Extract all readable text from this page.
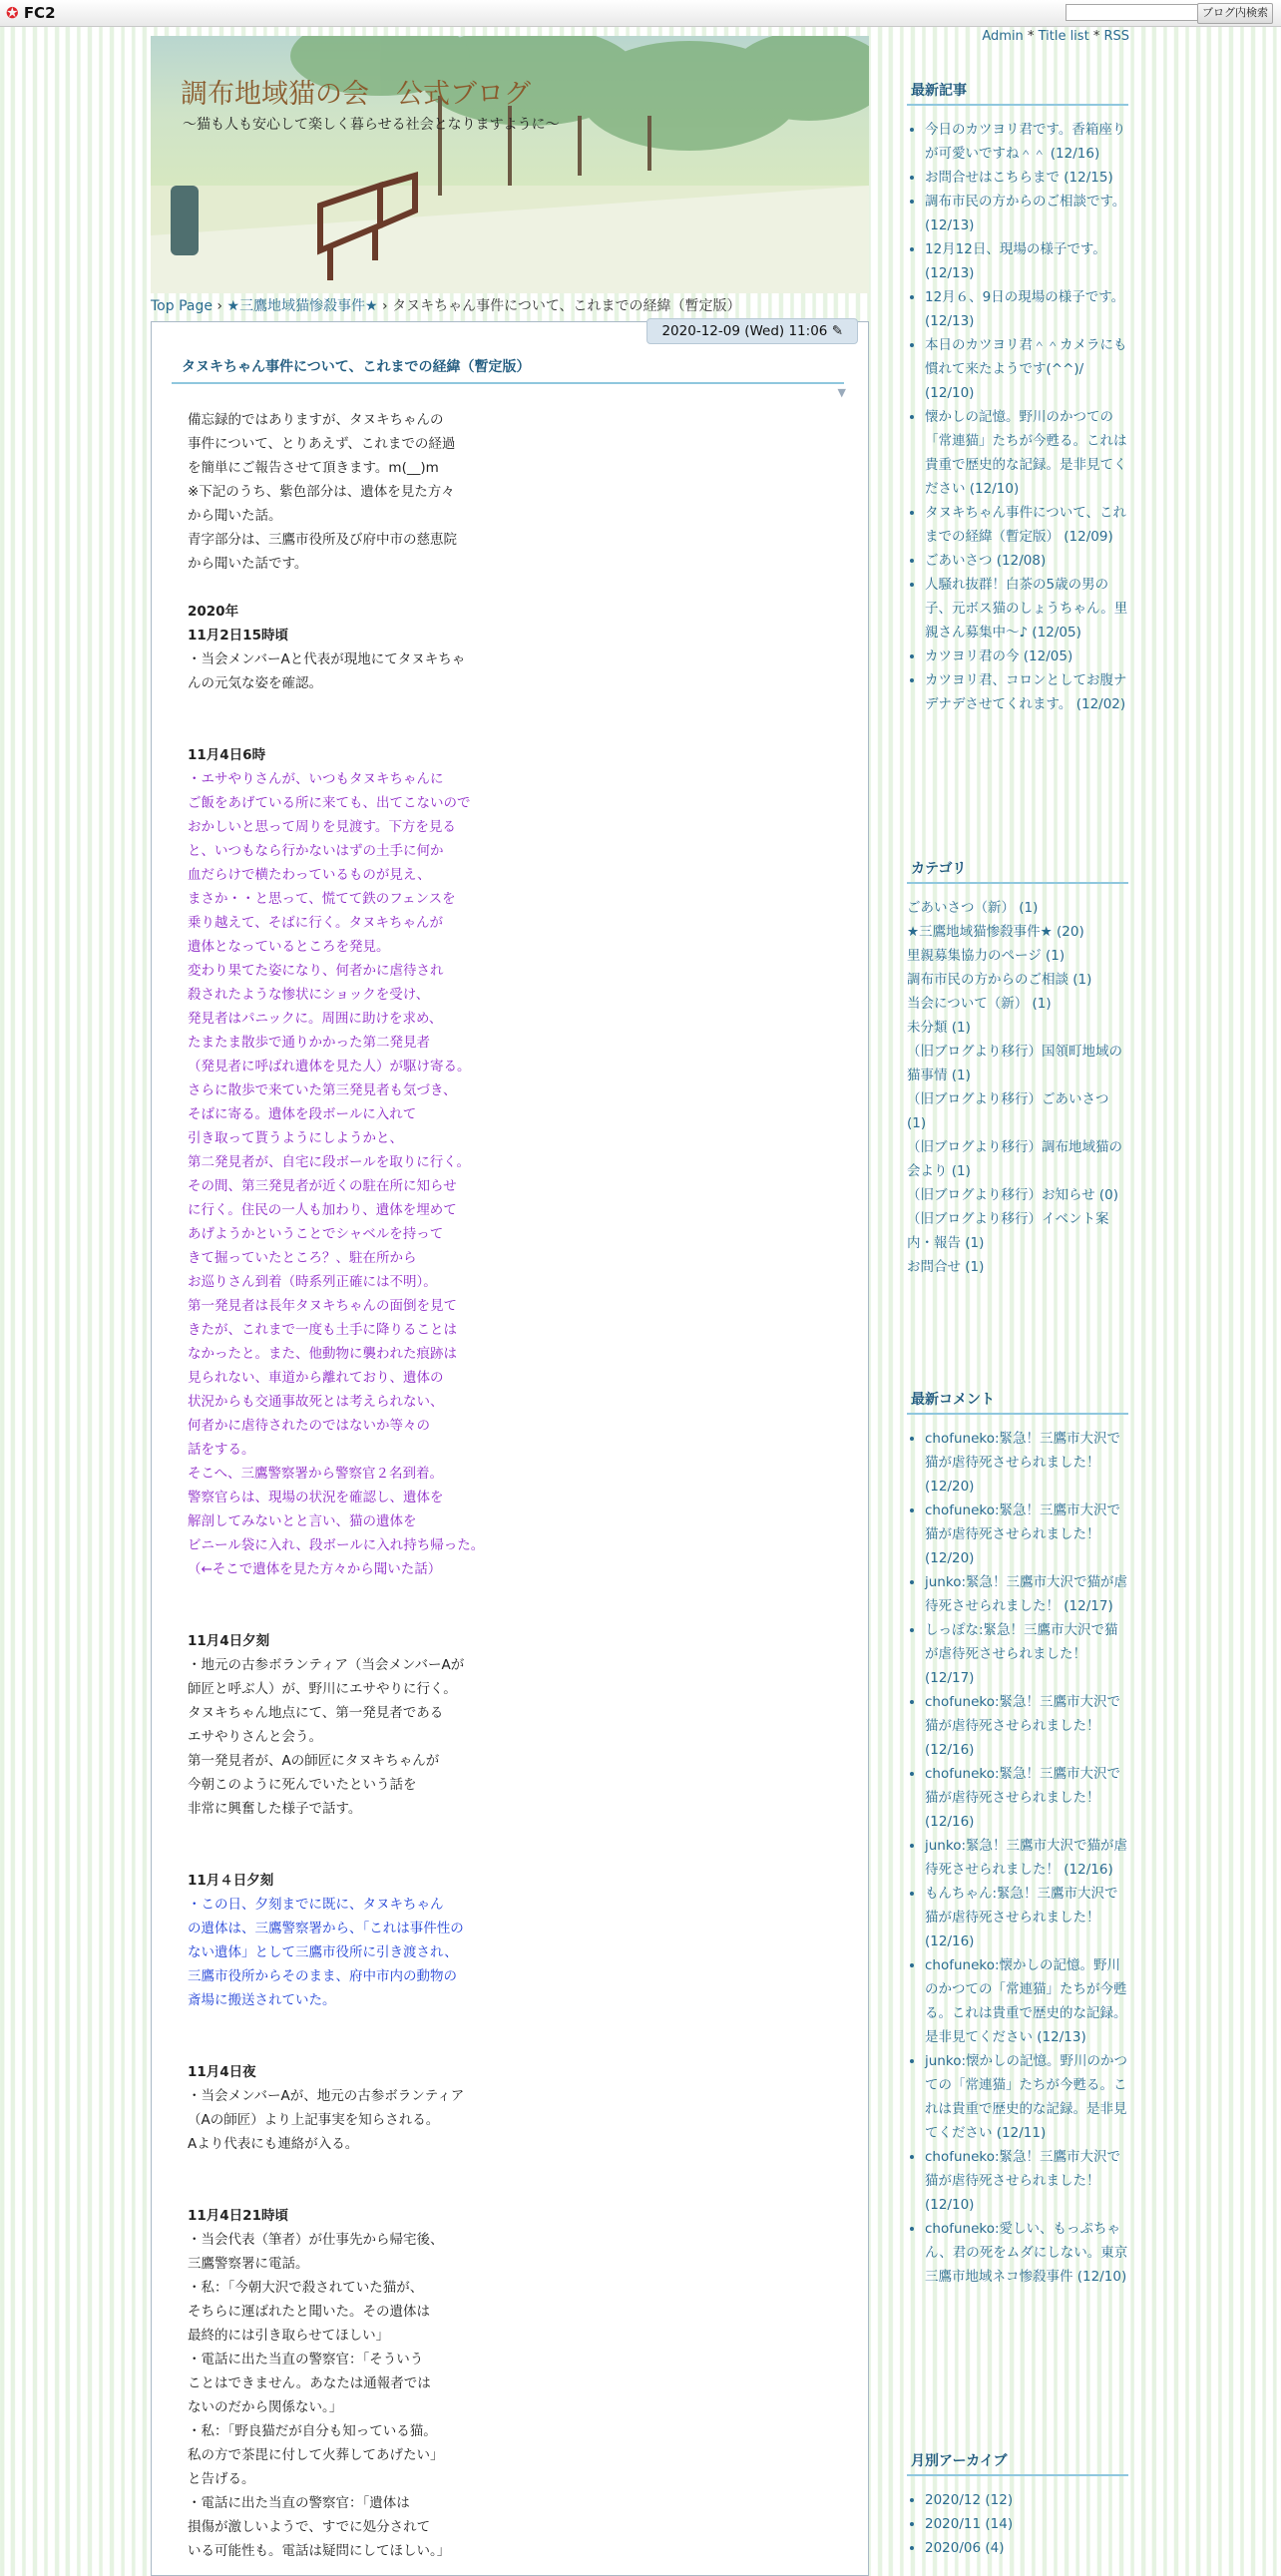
✪ FC2	ブログ内検索
Admin * Title list * RSS
調布地域猫の会　公式ブログ
～猫も人も安心して楽しく暮らせる社会となりますように～
Top Page › ★三鷹地域猫惨殺事件★ › タヌキちゃん事件について、これまでの経緯（暫定版）
2020-12-09 (Wed) 11:06 ✎
タヌキちゃん事件について、これまでの経緯（暫定版）
▼
備忘録的ではありますが、タヌキちゃんの
事件について、とりあえず、これまでの経過
を簡単にご報告させて頂きます。m(__)m
※下記のうち、紫色部分は、遺体を見た方々
から聞いた話。
青字部分は、三鷹市役所及び府中市の慈恵院
から聞いた話です。
2020年
11月2日15時頃
・当会メンバーAと代表が現地にてタヌキちゃ
んの元気な姿を確認。
11月4日6時
・エサやりさんが、いつもタヌキちゃんに
ご飯をあげている所に来ても、出てこないので
おかしいと思って周りを見渡す。下方を見る
と、いつもなら行かないはずの土手に何か
血だらけで横たわっているものが見え、
まさか・・と思って、慌てて鉄のフェンスを
乗り越えて、そばに行く。タヌキちゃんが
遺体となっているところを発見。
変わり果てた姿になり、何者かに虐待され
殺されたような惨状にショックを受け、
発見者はパニックに。周囲に助けを求め、
たまたま散歩で通りかかった第二発見者
（発見者に呼ばれ遺体を見た人）が駆け寄る。
さらに散歩で来ていた第三発見者も気づき、
そばに寄る。遺体を段ボールに入れて
引き取って貰うようにしようかと、
第二発見者が、自宅に段ボールを取りに行く。
その間、第三発見者が近くの駐在所に知らせ
に行く。住民の一人も加わり、遺体を埋めて
あげようかということでシャベルを持って
きて掘っていたところ？、駐在所から
お巡りさん到着（時系列正確には不明）。
第一発見者は長年タヌキちゃんの面倒を見て
きたが、これまで一度も土手に降りることは
なかったと。また、他動物に襲われた痕跡は
見られない、車道から離れており、遺体の
状況からも交通事故死とは考えられない、
何者かに虐待されたのではないか等々の
話をする。
そこへ、三鷹警察署から警察官２名到着。
警察官らは、現場の状況を確認し、遺体を
解剖してみないとと言い、猫の遺体を
ビニール袋に入れ、段ボールに入れ持ち帰った。
（←そこで遺体を見た方々から聞いた話）
11月4日夕刻
・地元の古参ボランティア（当会メンバーAが
師匠と呼ぶ人）が、野川にエサやりに行く。
タヌキちゃん地点にて、第一発見者である
エサやりさんと会う。
第一発見者が、Aの師匠にタヌキちゃんが
今朝このように死んでいたという話を
非常に興奮した様子で話す。
11月４日夕刻
・この日、夕刻までに既に、タヌキちゃん
の遺体は、三鷹警察署から、「これは事件性の
ない遺体」として三鷹市役所に引き渡され、
三鷹市役所からそのまま、府中市内の動物の
斎場に搬送されていた。
11月4日夜
・当会メンバーAが、地元の古参ボランティア
（Aの師匠）より上記事実を知らされる。
Aより代表にも連絡が入る。
11月4日21時頃
・当会代表（筆者）が仕事先から帰宅後、
三鷹警察署に電話。
・私：「今朝大沢で殺されていた猫が、
そちらに運ばれたと聞いた。その遺体は
最終的には引き取らせてほしい」
・電話に出た当直の警察官：「そういう
ことはできません。あなたは通報者では
ないのだから関係ない。」
・私：「野良猫だが自分も知っている猫。
私の方で茶毘に付して火葬してあげたい」
と告げる。
・電話に出た当直の警察官：「遺体は
損傷が激しいようで、すでに処分されて
いる可能性も。電話は疑問にしてほしい。」
最新記事
• 今日のカツヨリ君です。香箱座りが可愛いですね＾＾ (12/16)
• お問合せはこちらまで (12/15)
• 調布市民の方からのご相談です。 (12/13)
• 12月12日、現場の様子です。 (12/13)
• 12月６、9日の現場の様子です。 (12/13)
• 本日のカツヨリ君＾＾カメラにも慣れて来たようです(^^)/ (12/10)
• 懐かしの記憶。野川のかつての「常連猫」たちが今甦る。これは貴重で歴史的な記録。是非見てください (12/10)
• タヌキちゃん事件について、これまでの経緯（暫定版） (12/09)
• ごあいさつ (12/08)
• 人騒れ抜群！白茶の5歳の男の子、元ボス猫のしょうちゃん。里親さん募集中～♪ (12/05)
• カツヨリ君の今 (12/05)
• カツヨリ君、コロンとしてお腹ナデナデさせてくれます。 (12/02)
カテゴリ
ごあいさつ（新） (1)
★三鷹地域猫惨殺事件★ (20)
里親募集協力のページ (1)
調布市民の方からのご相談 (1)
当会について（新） (1)
未分類 (1)
（旧ブログより移行）国領町地域の猫事情 (1)
（旧ブログより移行）ごあいさつ (1)
（旧ブログより移行）調布地域猫の会より (1)
（旧ブログより移行）お知らせ (0)
（旧ブログより移行）イベント案内・報告 (1)
お問合せ (1)
最新コメント
• chofuneko:緊急！三鷹市大沢で猫が虐待死させられました！ (12/20)
• chofuneko:緊急！三鷹市大沢で猫が虐待死させられました！ (12/20)
• junko:緊急！三鷹市大沢で猫が虐待死させられました！ (12/17)
• しっぽな:緊急！三鷹市大沢で猫が虐待死させられました！ (12/17)
• chofuneko:緊急！三鷹市大沢で猫が虐待死させられました！ (12/16)
• chofuneko:緊急！三鷹市大沢で猫が虐待死させられました！ (12/16)
• junko:緊急！三鷹市大沢で猫が虐待死させられました！ (12/16)
• もんちゃん:緊急！三鷹市大沢で猫が虐待死させられました！ (12/16)
• chofuneko:懐かしの記憶。野川のかつての「常連猫」たちが今甦る。これは貴重で歴史的な記録。是非見てください (12/13)
• junko:懐かしの記憶。野川のかつての「常連猫」たちが今甦る。これは貴重で歴史的な記録。是非見てください (12/11)
• chofuneko:緊急！三鷹市大沢で猫が虐待死させられました！ (12/10)
• chofuneko:愛しい、もっぷちゃん、君の死をムダにしない。東京三鷹市地域ネコ惨殺事件 (12/10)
月別アーカイブ
• 2020/12 (12)
• 2020/11 (14)
• 2020/06 (4)
